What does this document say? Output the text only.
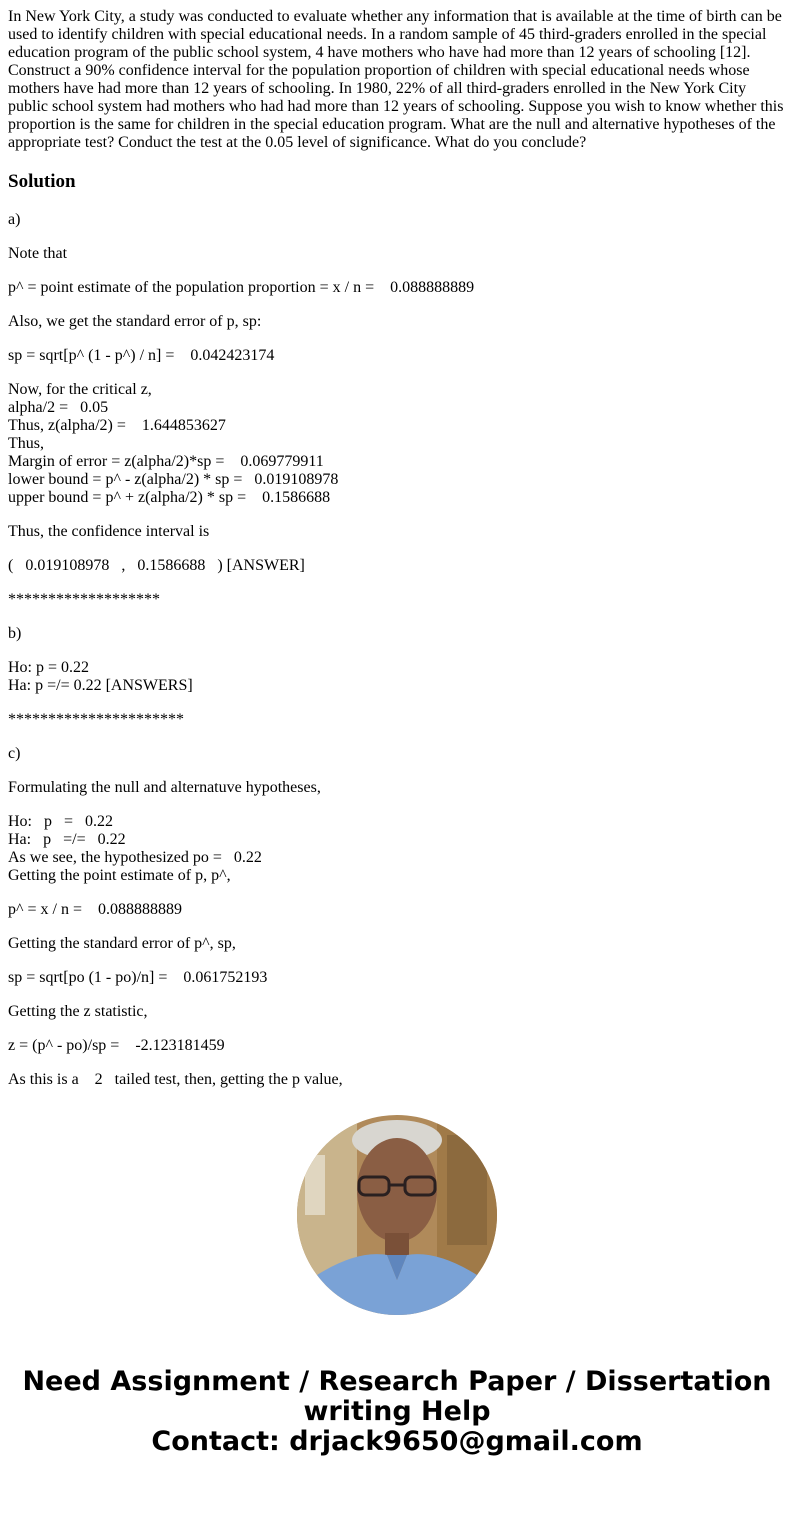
In New York City, a study was conducted to evaluate whether any information that is available at the time of birth can be used to identify children with special educational needs. In a random sample of 45 third-graders enrolled in the special education program of the public school system, 4 have mothers who have had more than 12 years of schooling [12]. Construct a 90% confidence interval for the population proportion of children with special educational needs whose mothers have had more than 12 years of schooling. In 1980, 22% of all third-graders enrolled in the New York City public school system had mothers who had had more than 12 years of schooling. Suppose you wish to know whether this proportion is the same for children in the special education program. What are the null and alternative hypotheses of the appropriate test? Conduct the test at the 0.05 level of significance. What do you conclude?

Solution

a)

Note that

p^ = point estimate of the population proportion = x / n =    0.088888889

Also, we get the standard error of p, sp:

sp = sqrt[p^ (1 - p^) / n] =    0.042423174

Now, for the critical z,
alpha/2 =   0.05
Thus, z(alpha/2) =    1.644853627
Thus,
Margin of error = z(alpha/2)*sp =    0.069779911
lower bound = p^ - z(alpha/2) * sp =   0.019108978
upper bound = p^ + z(alpha/2) * sp =    0.1586688

Thus, the confidence interval is

(   0.019108978   ,   0.1586688   ) [ANSWER]

*******************

b)

Ho: p = 0.22
Ha: p =/= 0.22 [ANSWERS]

**********************

c)

Formulating the null and alternatuve hypotheses,

Ho:   p   =   0.22
Ha:   p   =/=   0.22
As we see, the hypothesized po =   0.22
Getting the point estimate of p, p^,

p^ = x / n =    0.088888889

Getting the standard error of p^, sp,

sp = sqrt[po (1 - po)/n] =    0.061752193

Getting the z statistic,

z = (p^ - po)/sp =    -2.123181459

As this is a    2   tailed test, then, getting the p value,

Need Assignment / Research Paper / Dissertation
writing Help
Contact: drjack9650@gmail.com
